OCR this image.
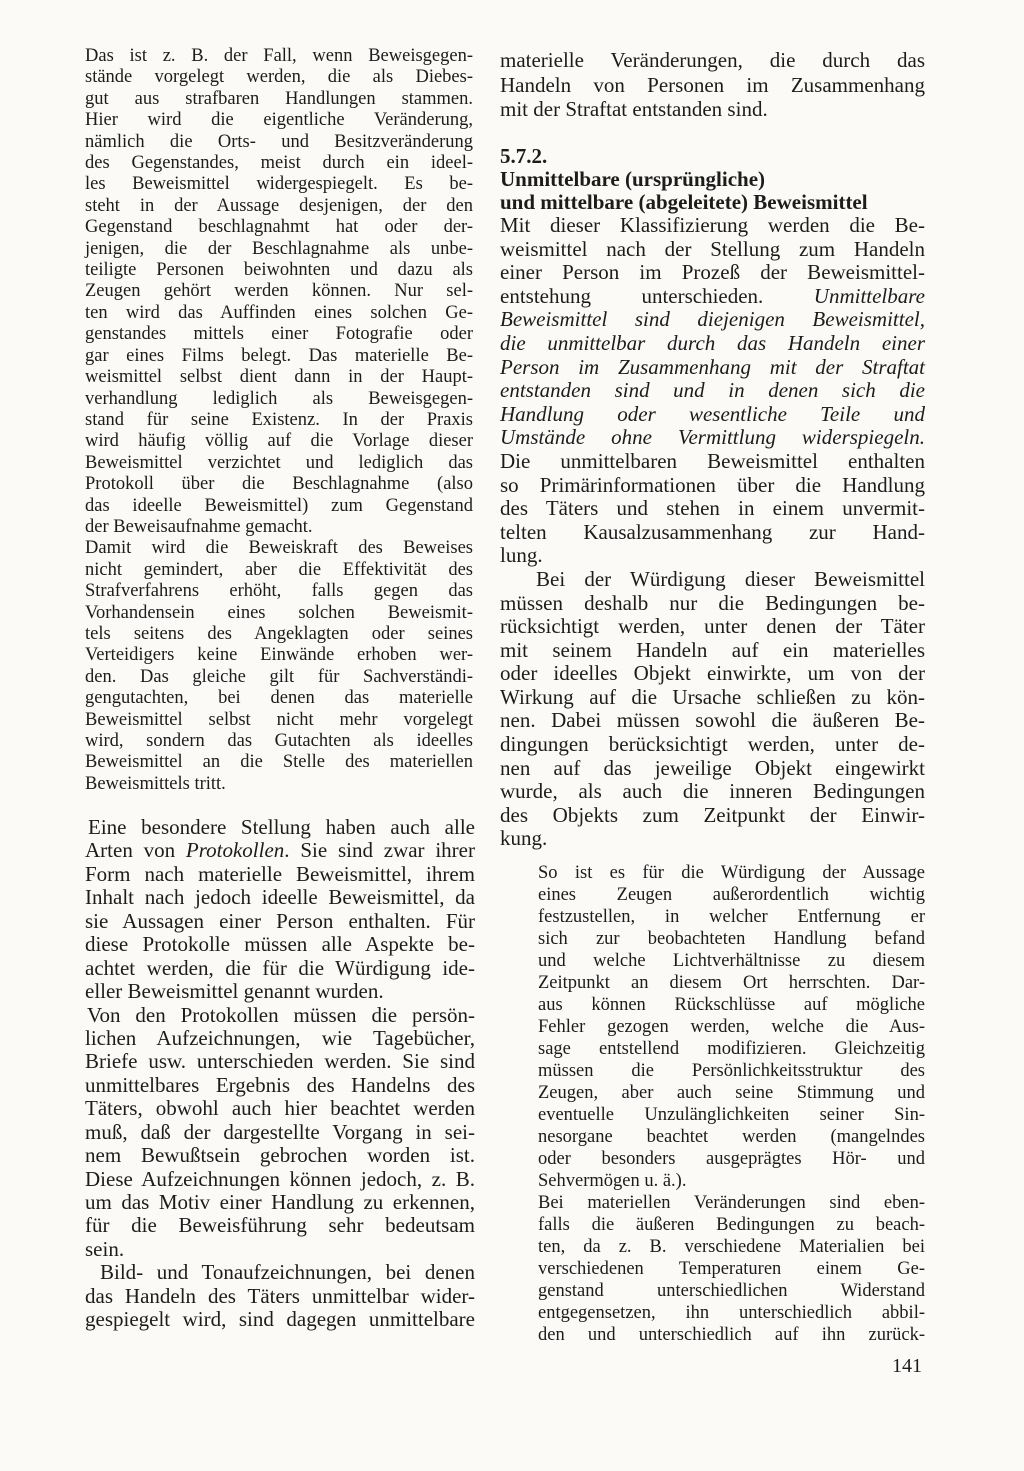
Das ist z. B. der Fall, wenn Beweisgegen-
stände vorgelegt werden, die als Diebes-
gut aus strafbaren Handlungen stammen.
Hier wird die eigentliche Veränderung,
nämlich die Orts- und Besitzveränderung
des Gegenstandes, meist durch ein ideel-
les Beweismittel widergespiegelt. Es be-
steht in der Aussage desjenigen, der den
Gegenstand beschlagnahmt hat oder der-
jenigen, die der Beschlagnahme als unbe-
teiligte Personen beiwohnten und dazu als
Zeugen gehört werden können. Nur sel-
ten wird das Auffinden eines solchen Ge-
genstandes mittels einer Fotografie oder
gar eines Films belegt. Das materielle Be-
weismittel selbst dient dann in der Haupt-
verhandlung lediglich als Beweisgegen-
stand für seine Existenz. In der Praxis
wird häufig völlig auf die Vorlage dieser
Beweismittel verzichtet und lediglich das
Protokoll über die Beschlagnahme (also
das ideelle Beweismittel) zum Gegenstand
der Beweisaufnahme gemacht.
Damit wird die Beweiskraft des Beweises
nicht gemindert, aber die Effektivität des
Strafverfahrens erhöht, falls gegen das
Vorhandensein eines solchen Beweismit-
tels seitens des Angeklagten oder seines
Verteidigers keine Einwände erhoben wer-
den. Das gleiche gilt für Sachverständi-
gengutachten, bei denen das materielle
Beweismittel selbst nicht mehr vorgelegt
wird, sondern das Gutachten als ideelles
Beweismittel an die Stelle des materiellen
Beweismittels tritt.
Eine besondere Stellung haben auch alle
Arten von Protokollen. Sie sind zwar ihrer
Form nach materielle Beweismittel, ihrem
Inhalt nach jedoch ideelle Beweismittel, da
sie Aussagen einer Person enthalten. Für
diese Protokolle müssen alle Aspekte be-
achtet werden, die für die Würdigung ide-
eller Beweismittel genannt wurden.
Von den Protokollen müssen die persön-
lichen Aufzeichnungen, wie Tagebücher,
Briefe usw. unterschieden werden. Sie sind
unmittelbares Ergebnis des Handelns des
Täters, obwohl auch hier beachtet werden
muß, daß der dargestellte Vorgang in sei-
nem Bewußtsein gebrochen worden ist.
Diese Aufzeichnungen können jedoch, z. B.
um das Motiv einer Handlung zu erkennen,
für die Beweisführung sehr bedeutsam
sein.
Bild- und Tonaufzeichnungen, bei denen
das Handeln des Täters unmittelbar wider-
gespiegelt wird, sind dagegen unmittelbare
materielle Veränderungen, die durch das
Handeln von Personen im Zusammenhang
mit der Straftat entstanden sind.
5.7.2.
Unmittelbare (ursprüngliche)
und mittelbare (abgeleitete) Beweismittel
Mit dieser Klassifizierung werden die Be-
weismittel nach der Stellung zum Handeln
einer Person im Prozeß der Beweismittel-
entstehung unterschieden. Unmittelbare
Beweismittel sind diejenigen Beweismittel,
die unmittelbar durch das Handeln einer
Person im Zusammenhang mit der Straftat
entstanden sind und in denen sich die
Handlung oder wesentliche Teile und
Umstände ohne Vermittlung widerspiegeln.
Die unmittelbaren Beweismittel enthalten
so Primärinformationen über die Handlung
des Täters und stehen in einem unvermit-
telten Kausalzusammenhang zur Hand-
lung.
Bei der Würdigung dieser Beweismittel
müssen deshalb nur die Bedingungen be-
rücksichtigt werden, unter denen der Täter
mit seinem Handeln auf ein materielles
oder ideelles Objekt einwirkte, um von der
Wirkung auf die Ursache schließen zu kön-
nen. Dabei müssen sowohl die äußeren Be-
dingungen berücksichtigt werden, unter de-
nen auf das jeweilige Objekt eingewirkt
wurde, als auch die inneren Bedingungen
des Objekts zum Zeitpunkt der Einwir-
kung.
So ist es für die Würdigung der Aussage
eines Zeugen außerordentlich wichtig
festzustellen, in welcher Entfernung er
sich zur beobachteten Handlung befand
und welche Lichtverhältnisse zu diesem
Zeitpunkt an diesem Ort herrschten. Dar-
aus können Rückschlüsse auf mögliche
Fehler gezogen werden, welche die Aus-
sage entstellend modifizieren. Gleichzeitig
müssen die Persönlichkeitsstruktur des
Zeugen, aber auch seine Stimmung und
eventuelle Unzulänglichkeiten seiner Sin-
nesorgane beachtet werden (mangelndes
oder besonders ausgeprägtes Hör- und
Sehvermögen u. ä.).
Bei materiellen Veränderungen sind eben-
falls die äußeren Bedingungen zu beach-
ten, da z. B. verschiedene Materialien bei
verschiedenen Temperaturen einem Ge-
genstand unterschiedlichen Widerstand
entgegensetzen, ihn unterschiedlich abbil-
den und unterschiedlich auf ihn zurück-
141
